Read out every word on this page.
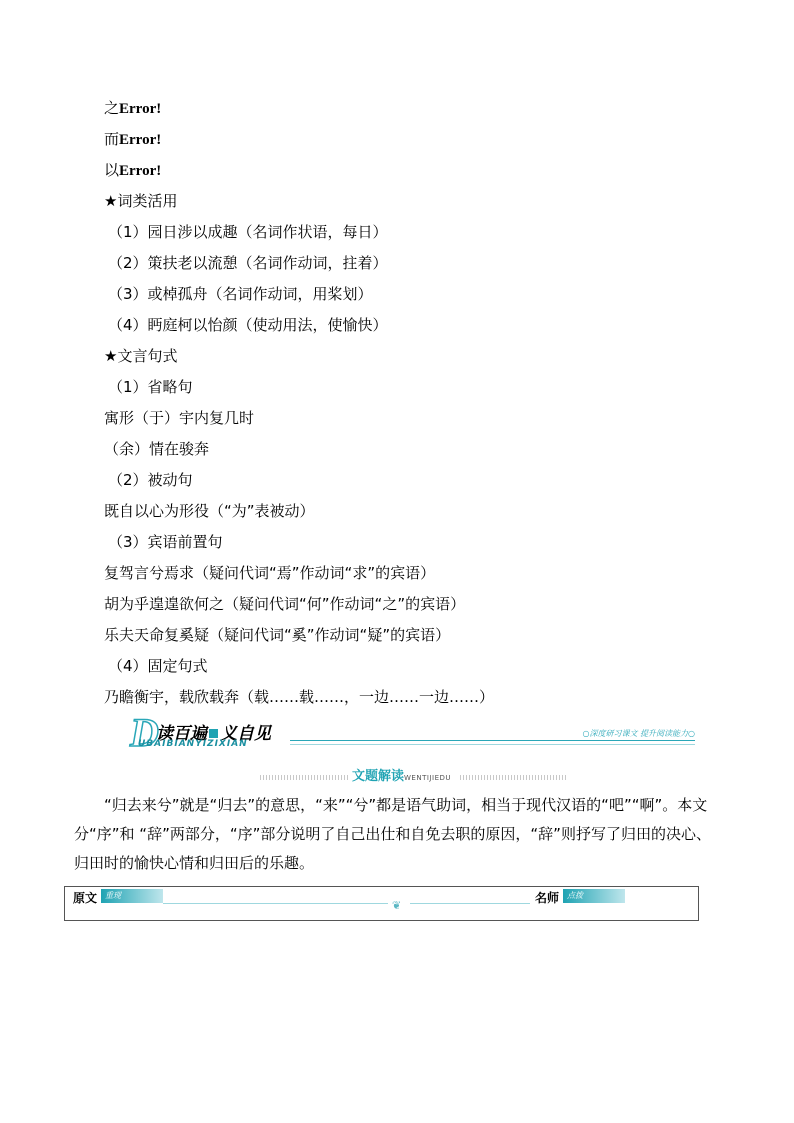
之Error!
而Error!
以Error!
★词类活用
（1）园日涉以成趣（名词作状语，每日）
（2）策扶老以流憩（名词作动词，拄着）
（3）或棹孤舟（名词作动词，用桨划）
（4）眄庭柯以怡颜（使动用法，使愉快）
★文言句式
（1）省略句
寓形（于）宇内复几时
（余）情在骏奔
（2）被动句
既自以心为形役（“为”表被动）
（3）宾语前置句
复驾言兮焉求（疑问代词“焉”作动词“求”的宾语）
胡为乎遑遑欲何之（疑问代词“何”作动词“之”的宾语）
乐夫天命复奚疑（疑问代词“奚”作动词“疑”的宾语）
（4）固定句式
乃瞻衡宇，载欣载奔（载……载……，一边……一边……）
D
读百遍 义自见
UBAIBIANYIZIXIAN
○深度研习课文 提升阅读能力○
文题解读WENTIJIEDU
“归去来兮”就是“归去”的意思，“来”“兮”都是语气助词，相当于现代汉语的“吧”“啊”。本文分“序”和 “辞”两部分，“序”部分说明了自己出仕和自免去职的原因，“辞”则抒写了归田的决心、归田时的愉快心情和归田后的乐趣。
原文 重现
❦
名师 点拨
